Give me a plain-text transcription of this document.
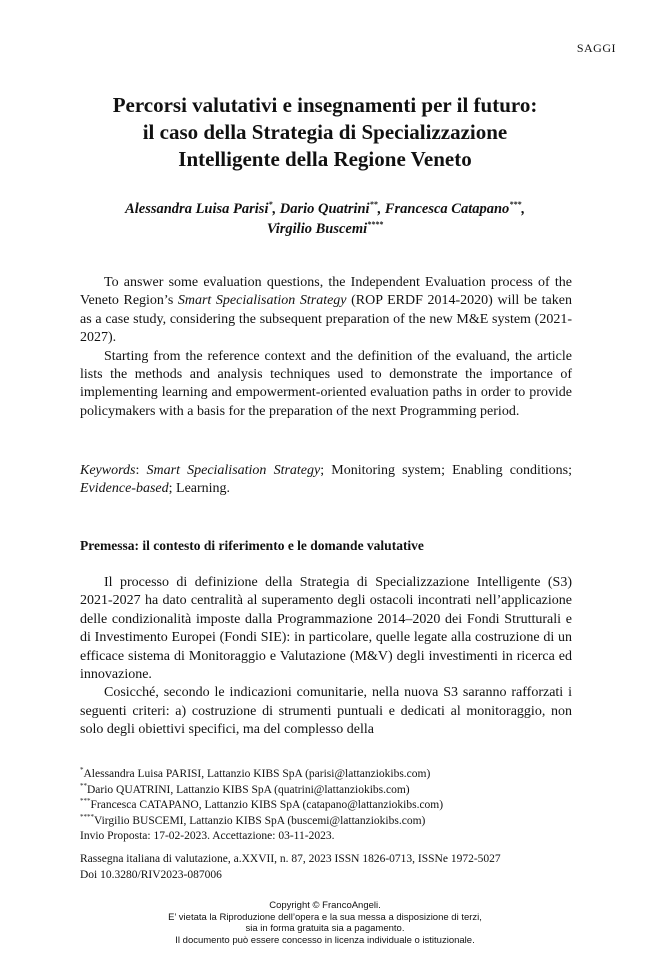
SAGGI
Percorsi valutativi e insegnamenti per il futuro:
il caso della Strategia di Specializzazione
Intelligente della Regione Veneto
Alessandra Luisa Parisi*, Dario Quatrini**, Francesca Catapano***,
Virgilio Buscemi****

To answer some evaluation questions, the Independent Evaluation process of the Veneto Region’s Smart Specialisation Strategy (ROP ERDF 2014-2020) will be taken as a case study, considering the subsequent preparation of the new M&E system (2021-2027).

Starting from the reference context and the definition of the evaluand, the article lists the methods and analysis techniques used to demonstrate the importance of implementing learning and empowerment-oriented evaluation paths in order to provide policymakers with a basis for the preparation of the next Programming period.

Keywords: Smart Specialisation Strategy; Monitoring system; Enabling conditions; Evidence-based; Learning.
Premessa: il contesto di riferimento e le domande valutative

Il processo di definizione della Strategia di Specializzazione Intelligente (S3) 2021-2027 ha dato centralità al superamento degli ostacoli incontrati nell’applicazione delle condizionalità imposte dalla Programmazione 2014–2020 dei Fondi Strutturali e di Investimento Europei (Fondi SIE): in particolare, quelle legate alla costruzione di un efficace sistema di Monitoraggio e Valutazione (M&V) degli investimenti in ricerca ed innovazione.

Cosicché, secondo le indicazioni comunitarie, nella nuova S3 saranno rafforzati i seguenti criteri: a) costruzione di strumenti puntuali e dedicati al monitoraggio, non solo degli obiettivi specifici, ma del complesso della

*Alessandra Luisa PARISI, Lattanzio KIBS SpA (parisi@lattanziokibs.com)
**Dario QUATRINI, Lattanzio KIBS SpA (quatrini@lattanziokibs.com)
***Francesca CATAPANO, Lattanzio KIBS SpA (catapano@lattanziokibs.com)
****Virgilio BUSCEMI, Lattanzio KIBS SpA (buscemi@lattanziokibs.com)
Invio Proposta: 17-02-2023. Accettazione: 03-11-2023.
Rassegna italiana di valutazione, a.XXVII, n. 87, 2023 ISSN 1826-0713, ISSNe 1972-5027
Doi 10.3280/RIV2023-087006
Copyright © FrancoAngeli.
E’ vietata la Riproduzione dell’opera e la sua messa a disposizione di terzi,
sia in forma gratuita sia a pagamento.
Il documento può essere concesso in licenza individuale o istituzionale.
